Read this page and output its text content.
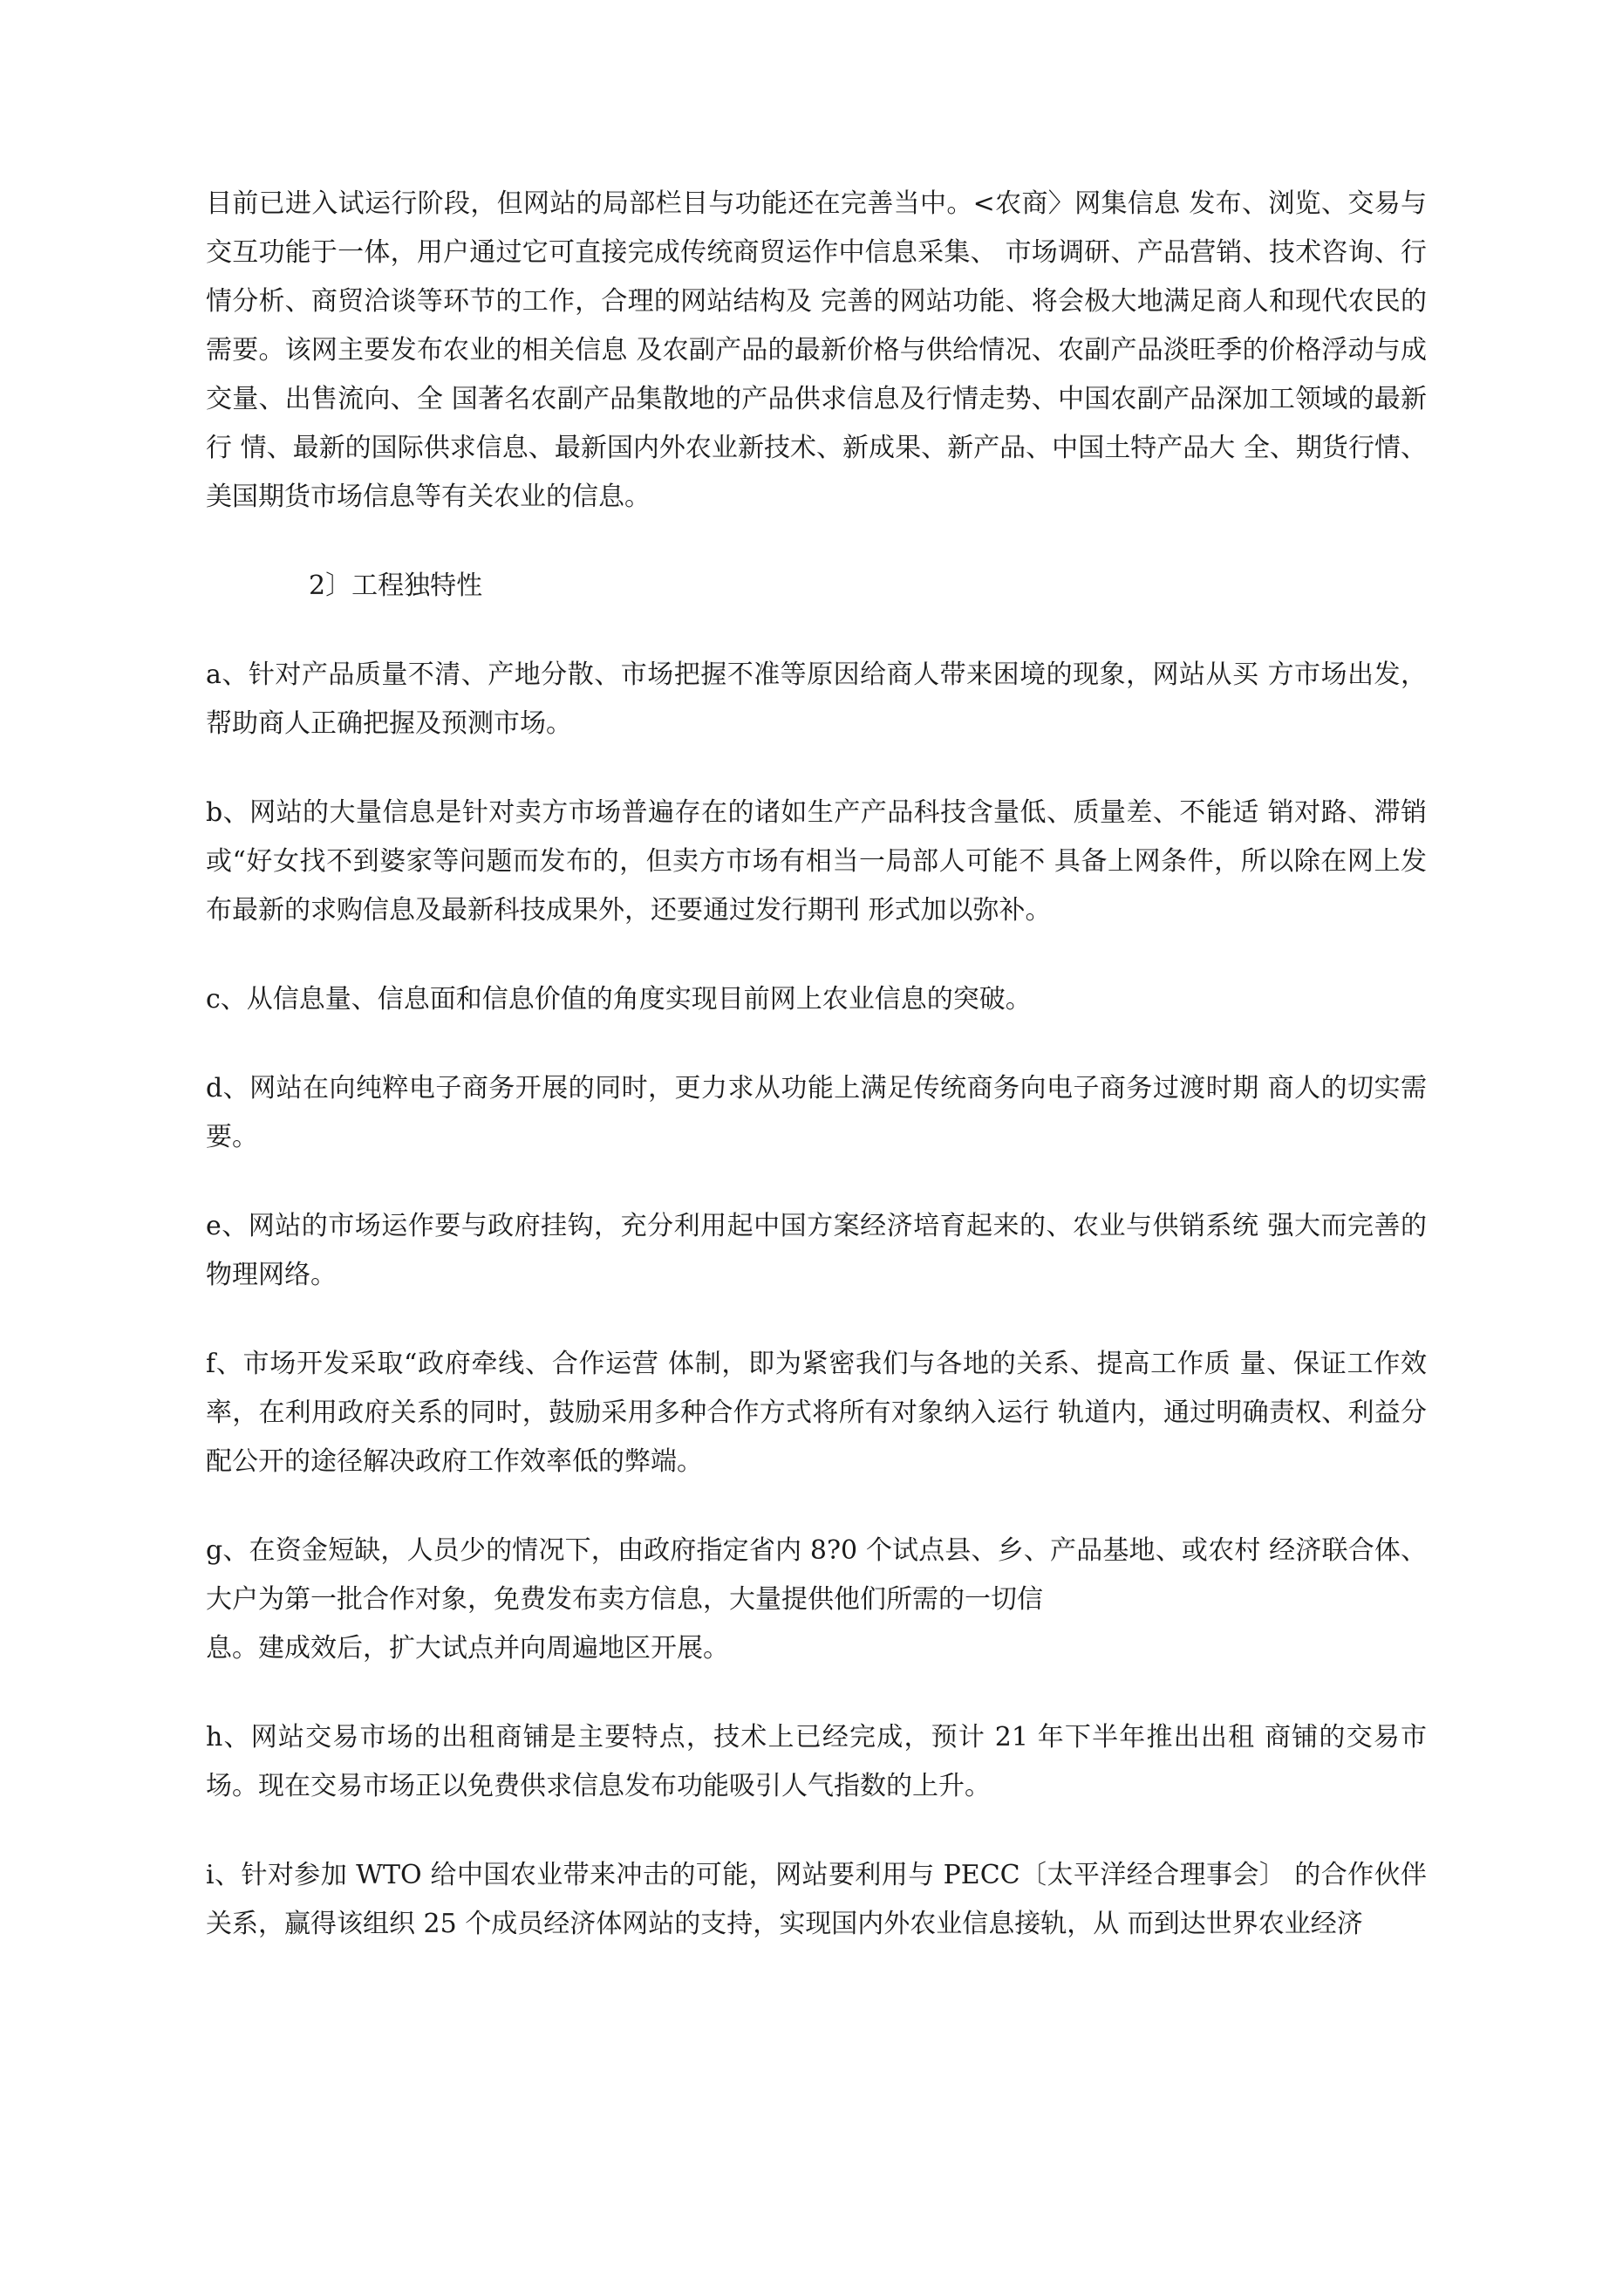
目前已进入试运行阶段，但网站的局部栏目与功能还在完善当中。<农商〉网集信息 发布、浏览、交易与交互功能于一体，用户通过它可直接完成传统商贸运作中信息采集、 市场调研、产品营销、技术咨询、行情分析、商贸洽谈等环节的工作，合理的网站结构及 完善的网站功能、将会极大地满足商人和现代农民的需要。该网主要发布农业的相关信息 及农副产品的最新价格与供给情况、农副产品淡旺季的价格浮动与成交量、出售流向、全 国著名农副产品集散地的产品供求信息及行情走势、中国农副产品深加工领域的最新行 情、最新的国际供求信息、最新国内外农业新技术、新成果、新产品、中国土特产品大 全、期货行情、美国期货市场信息等有关农业的信息。

2〕工程独特性

a、针对产品质量不清、产地分散、市场把握不准等原因给商人带来困境的现象，网站从买 方市场出发，帮助商人正确把握及预测市场。

b、网站的大量信息是针对卖方市场普遍存在的诸如生产产品科技含量低、质量差、不能适 销对路、滞销或“好女找不到婆家等问题而发布的，但卖方市场有相当一局部人可能不 具备上网条件，所以除在网上发布最新的求购信息及最新科技成果外，还要通过发行期刊 形式加以弥补。

c、从信息量、信息面和信息价值的角度实现目前网上农业信息的突破。

d、网站在向纯粹电子商务开展的同时，更力求从功能上满足传统商务向电子商务过渡时期 商人的切实需要。

e、网站的市场运作要与政府挂钩，充分利用起中国方案经济培育起来的、农业与供销系统 强大而完善的物理网络。

f、市场开发采取“政府牵线、合作运营 体制，即为紧密我们与各地的关系、提高工作质 量、保证工作效率，在利用政府关系的同时，鼓励采用多种合作方式将所有对象纳入运行 轨道内，通过明确责权、利益分配公开的途径解决政府工作效率低的弊端。

g、在资金短缺，人员少的情况下，由政府指定省内 8?0 个试点县、乡、产品基地、或农村 经济联合体、大户为第一批合作对象，免费发布卖方信息，大量提供他们所需的一切信
息。建成效后，扩大试点并向周遍地区开展。

h、网站交易市场的出租商铺是主要特点，技术上已经完成，预计 21 年下半年推出出租 商铺的交易市场。现在交易市场正以免费供求信息发布功能吸引人气指数的上升。

i、针对参加 WTO 给中国农业带来冲击的可能，网站要利用与 PECC〔太平洋经合理事会〕 的合作伙伴关系，赢得该组织 25 个成员经济体网站的支持，实现国内外农业信息接轨，从 而到达世界农业经济
